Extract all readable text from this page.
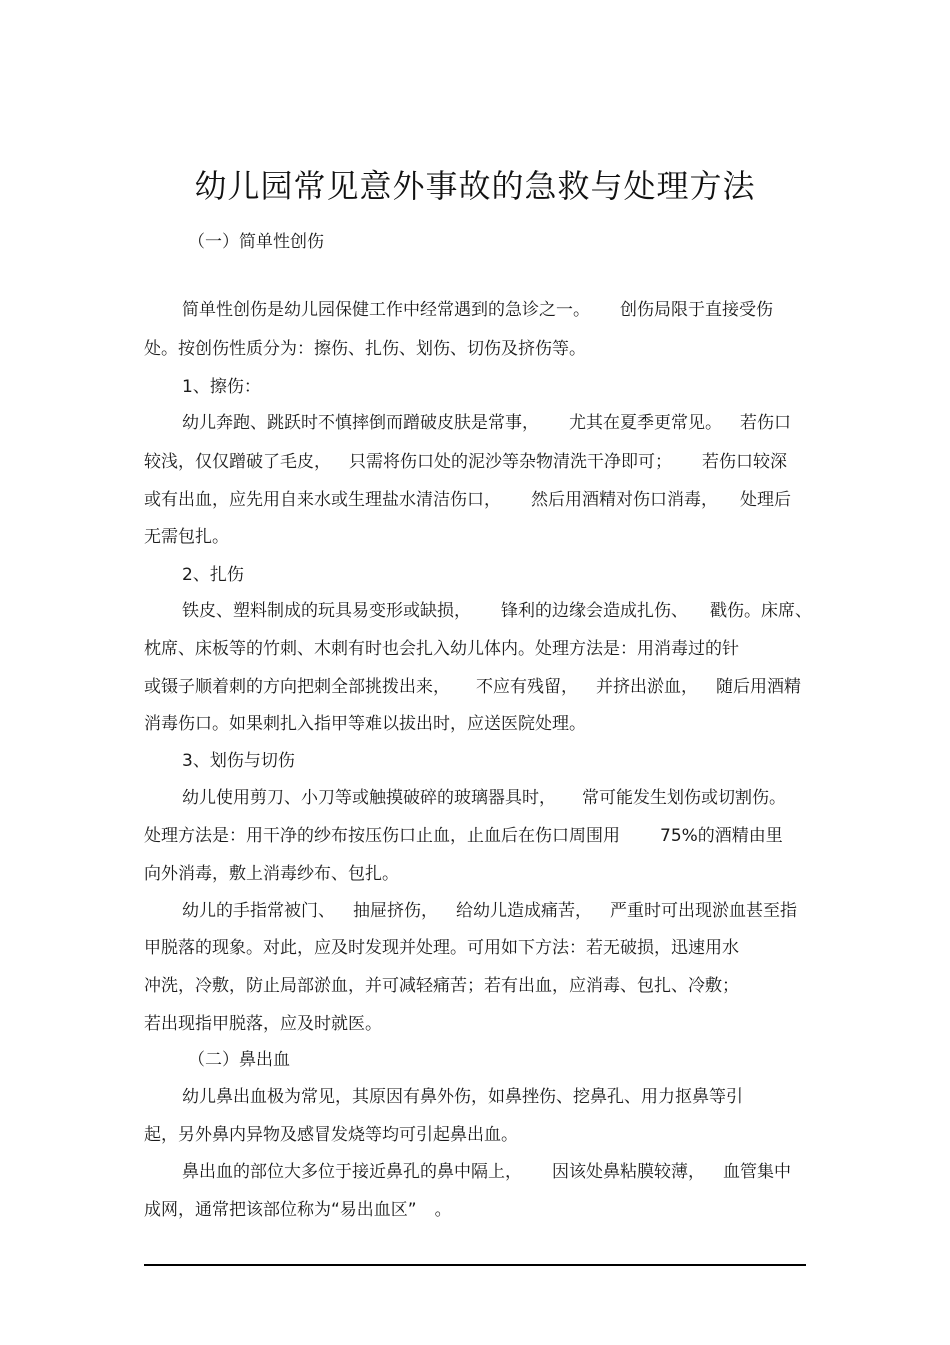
幼儿园常见意外事故的急救与处理方法
（一）简单性创伤
简单性创伤是幼儿园保健工作中经常遇到的急诊之一。 创伤局限于直接受伤
处。按创伤性质分为：擦伤、扎伤、划伤、切伤及挤伤等。
1、擦伤：
幼儿奔跑、跳跃时不慎摔倒而蹭破皮肤是常事， 尤其在夏季更常见。 若伤口
较浅，仅仅蹭破了毛皮， 只需将伤口处的泥沙等杂物清洗干净即可； 若伤口较深
或有出血，应先用自来水或生理盐水清洁伤口， 然后用酒精对伤口消毒， 处理后
无需包扎。
2、扎伤
铁皮、塑料制成的玩具易变形或缺损， 锋利的边缘会造成扎伤、 戳伤。床席、
枕席、床板等的竹刺、木刺有时也会扎入幼儿体内。处理方法是：用消毒过的针
或镊子顺着刺的方向把刺全部挑拨出来， 不应有残留， 并挤出淤血， 随后用酒精
消毒伤口。如果刺扎入指甲等难以拔出时，应送医院处理。
3、划伤与切伤
幼儿使用剪刀、小刀等或触摸破碎的玻璃器具时， 常可能发生划伤或切割伤。
处理方法是：用干净的纱布按压伤口止血，止血后在伤口周围用 75%的酒精由里
向外消毒，敷上消毒纱布、包扎。
幼儿的手指常被门、 抽屉挤伤， 给幼儿造成痛苦， 严重时可出现淤血甚至指
甲脱落的现象。对此，应及时发现并处理。可用如下方法：若无破损，迅速用水
冲洗，冷敷，防止局部淤血，并可减轻痛苦；若有出血，应消毒、包扎、冷敷；
若出现指甲脱落，应及时就医。
（二）鼻出血
幼儿鼻出血极为常见，其原因有鼻外伤，如鼻挫伤、挖鼻孔、用力抠鼻等引
起，另外鼻内异物及感冒发烧等均可引起鼻出血。
鼻出血的部位大多位于接近鼻孔的鼻中隔上， 因该处鼻粘膜较薄， 血管集中
成网，通常把该部位称为“易出血区” 。
